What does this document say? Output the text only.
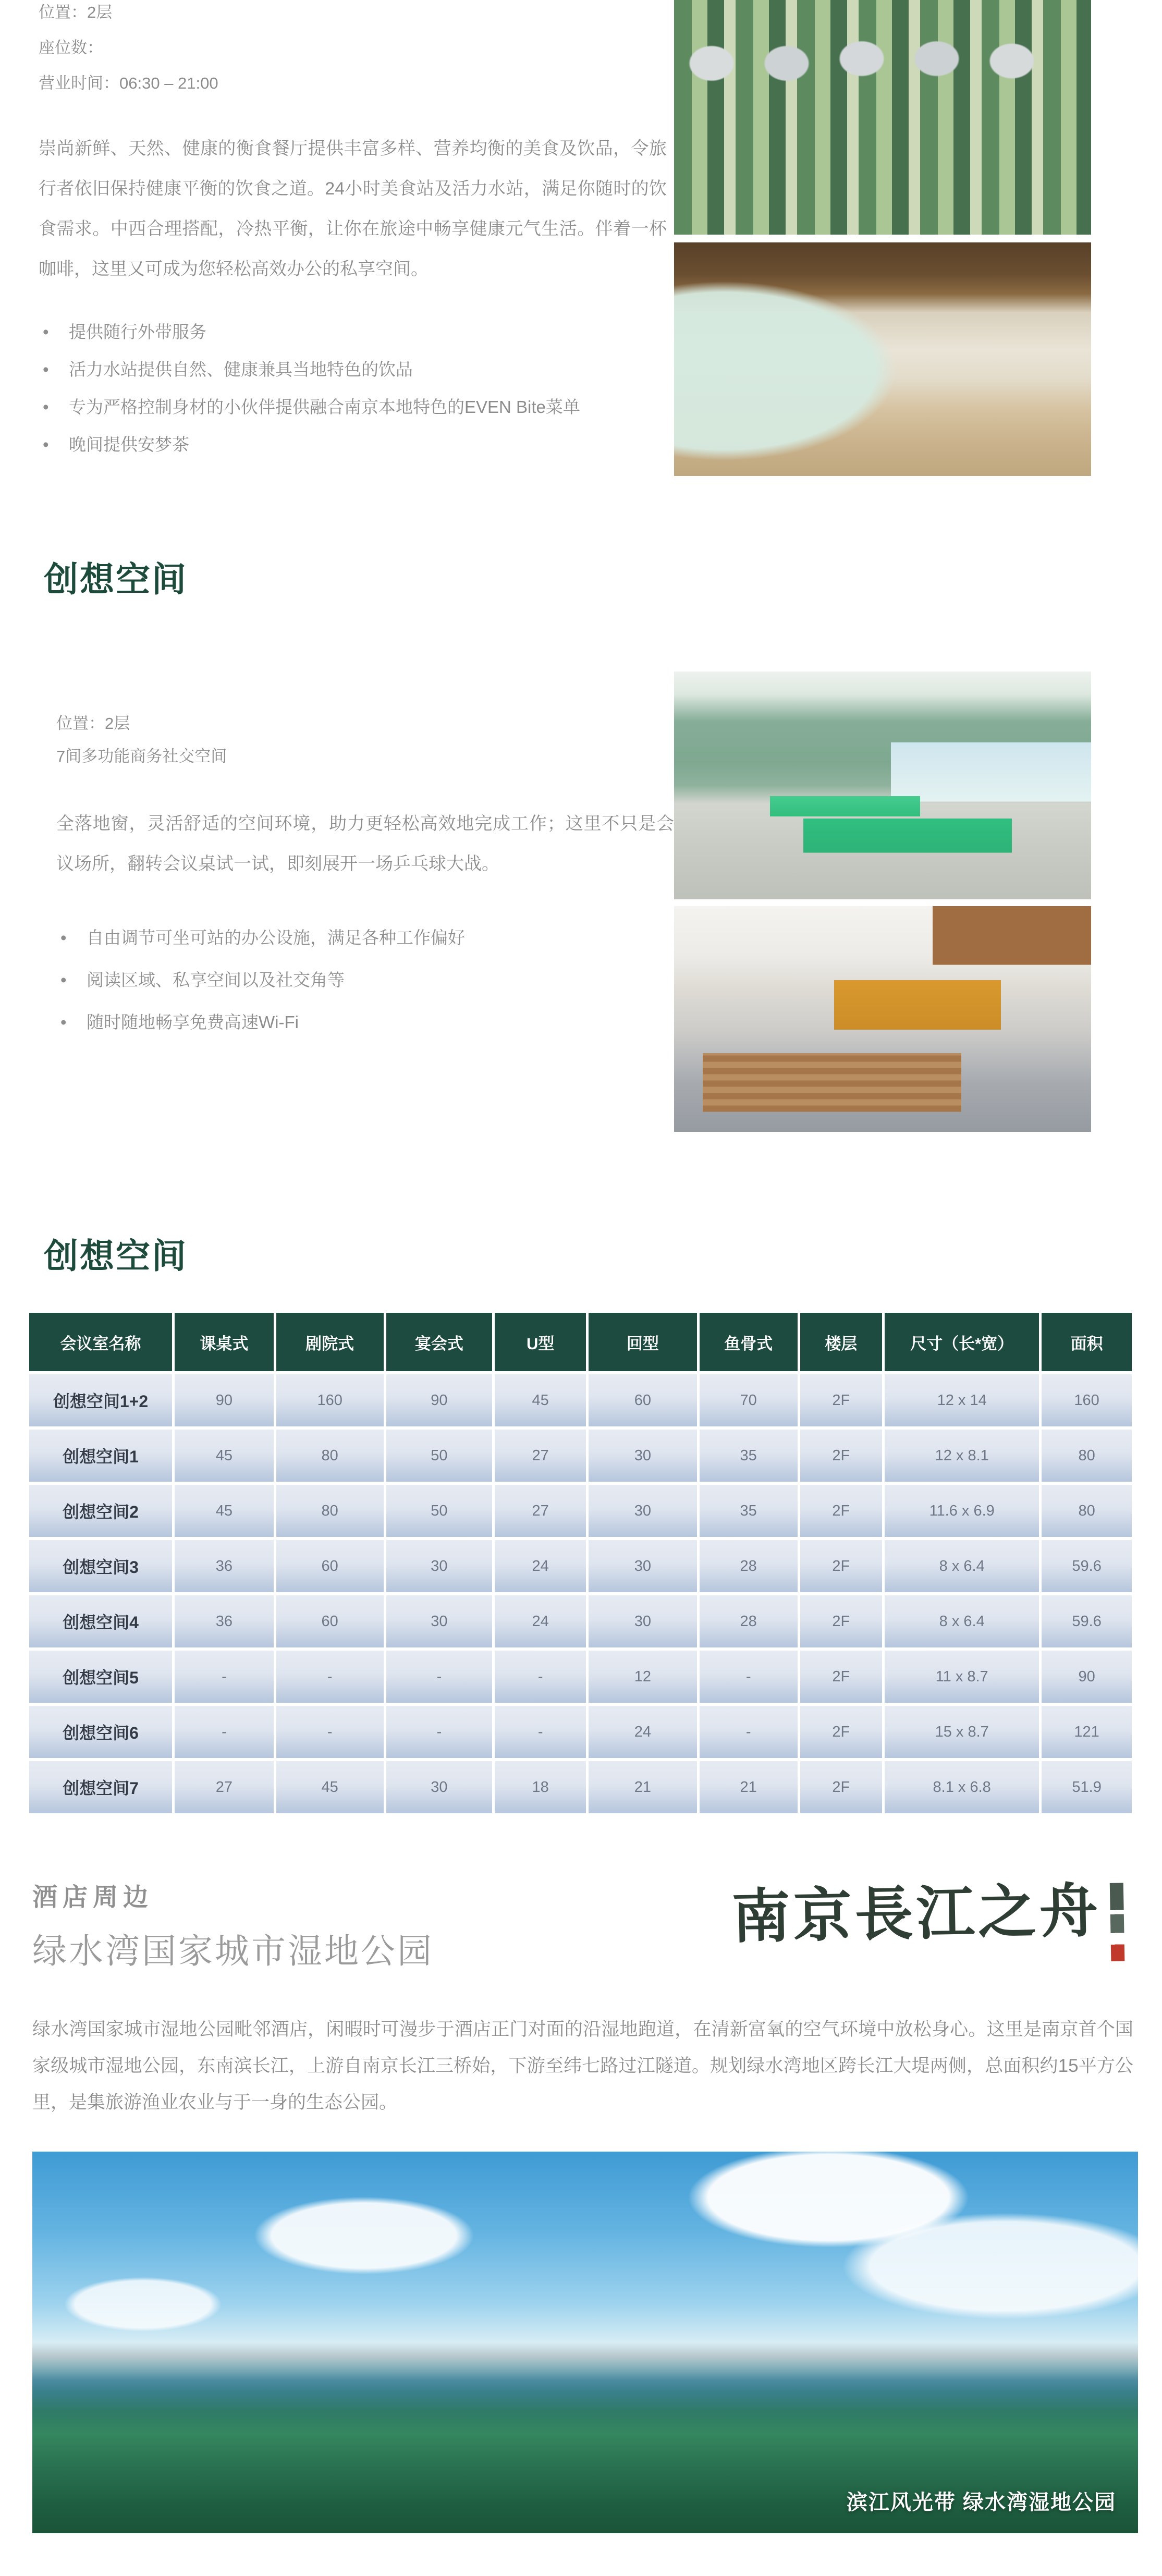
位置：2层

座位数：

营业时间：06:30 – 21:00

崇尚新鲜、天然、健康的衡食餐厅提供丰富多样、营养均衡的美食及饮品，令旅行者依旧保持健康平衡的饮食之道。24小时美食站及活力水站，满足你随时的饮食需求。中西合理搭配，冷热平衡，让你在旅途中畅享健康元气生活。伴着一杯咖啡，这里又可成为您轻松高效办公的私享空间。

• 提供随行外带服务
• 活力水站提供自然、健康兼具当地特色的饮品
• 专为严格控制身材的小伙伴提供融合南京本地特色的EVEN Bite菜单
• 晚间提供安梦茶
创想空间

位置：2层

7间多功能商务社交空间

全落地窗，灵活舒适的空间环境，助力更轻松高效地完成工作；这里不只是会议场所，翻转会议桌试一试，即刻展开一场乒乓球大战。

• 自由调节可坐可站的办公设施，满足各种工作偏好
• 阅读区域、私享空间以及社交角等
• 随时随地畅享免费高速Wi-Fi
创想空间
会议室名称	课桌式	剧院式	宴会式	U型	回型	鱼骨式	楼层	尺寸（长*宽）	面积
创想空间1+2	90	160	90	45	60	70	2F	12 x 14	160
创想空间1	45	80	50	27	30	35	2F	12 x 8.1	80
创想空间2	45	80	50	27	30	35	2F	11.6 x 6.9	80
创想空间3	36	60	30	24	30	28	2F	8 x 6.4	59.6
创想空间4	36	60	30	24	30	28	2F	8 x 6.4	59.6
创想空间5	-	-	-	-	12	-	2F	11 x 8.7	90
创想空间6	-	-	-	-	24	-	2F	15 x 8.7	121
创想空间7	27	45	30	18	21	21	2F	8.1 x 6.8	51.9
酒店周边
绿水湾国家城市湿地公园
南京長江之舟

绿水湾国家城市湿地公园毗邻酒店，闲暇时可漫步于酒店正门对面的沿湿地跑道，在清新富氧的空气环境中放松身心。这里是南京首个国家级城市湿地公园，东南滨长江，上游自南京长江三桥始，下游至纬七路过江隧道。规划绿水湾地区跨长江大堤两侧，总面积约15平方公里，是集旅游渔业农业与于一身的生态公园。

滨江风光带 绿水湾湿地公园
